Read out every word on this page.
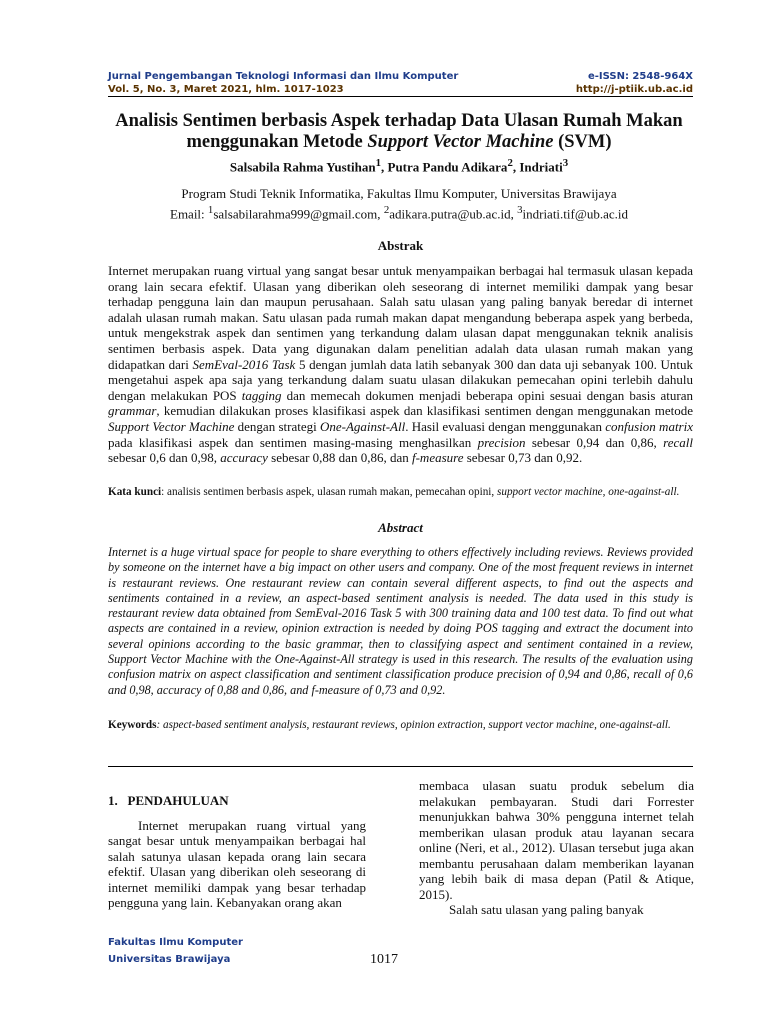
Jurnal Pengembangan Teknologi Informasi dan Ilmu Komputer
Vol. 5, No. 3, Maret 2021, hlm. 1017-1023
e-ISSN: 2548-964X
http://j-ptiik.ub.ac.id
Analisis Sentimen berbasis Aspek terhadap Data Ulasan Rumah Makan
menggunakan Metode Support Vector Machine (SVM)
Salsabila Rahma Yustihan$^1$, Putra Pandu Adikara$^2$, Indriati$^3$
Program Studi Teknik Informatika, Fakultas Ilmu Komputer, Universitas Brawijaya
Email: $^1$salsabilarahma999@gmail.com, $^2$adikara.putra@ub.ac.id, $^3$indriati.tif@ub.ac.id
Abstrak
Internet merupakan ruang virtual yang sangat besar untuk menyampaikan berbagai hal termasuk ulasan kepada orang lain secara efektif. Ulasan yang diberikan oleh seseorang di internet memiliki dampak yang besar terhadap pengguna lain dan maupun perusahaan. Salah satu ulasan yang paling banyak beredar di internet adalah ulasan rumah makan. Satu ulasan pada rumah makan dapat mengandung beberapa aspek yang berbeda, untuk mengekstrak aspek dan sentimen yang terkandung dalam ulasan dapat menggunakan teknik analisis sentimen berbasis aspek. Data yang digunakan dalam penelitian adalah data ulasan rumah makan yang didapatkan dari SemEval-2016 Task 5 dengan jumlah data latih sebanyak 300 dan data uji sebanyak 100. Untuk mengetahui aspek apa saja yang terkandung dalam suatu ulasan dilakukan pemecahan opini terlebih dahulu dengan melakukan POS tagging dan memecah dokumen menjadi beberapa opini sesuai dengan basis aturan grammar, kemudian dilakukan proses klasifikasi aspek dan klasifikasi sentimen dengan menggunakan metode Support Vector Machine dengan strategi One-Against-All. Hasil evaluasi dengan menggunakan confusion matrix pada klasifikasi aspek dan sentimen masing-masing menghasilkan precision sebesar 0,94 dan 0,86, recall sebesar 0,6 dan 0,98, accuracy sebesar 0,88 dan 0,86, dan f-measure sebesar 0,73 dan 0,92.
Kata kunci: analisis sentimen berbasis aspek, ulasan rumah makan, pemecahan opini, support vector machine, one-against-all.
Abstract
Internet is a huge virtual space for people to share everything to others effectively including reviews. Reviews provided by someone on the internet have a big impact on other users and company. One of the most frequent reviews in internet is restaurant reviews. One restaurant review can contain several different aspects, to find out the aspects and sentiments contained in a review, an aspect-based sentiment analysis is needed. The data used in this study is restaurant review data obtained from SemEval-2016 Task 5 with 300 training data and 100 test data. To find out what aspects are contained in a review, opinion extraction is needed by doing POS tagging and extract the document into several opinions according to the basic grammar, then to classifying aspect and sentiment contained in a review, Support Vector Machine with the One-Against-All strategy is used in this research. The results of the evaluation using confusion matrix on aspect classification and sentiment classification produce precision of 0,94 and 0,86, recall of 0,6 and 0,98, accuracy of 0,88 and 0,86, and f-measure of 0,73 and 0,92.
Keywords: aspect-based sentiment analysis, restaurant reviews, opinion extraction, support vector machine, one-against-all.
1.   PENDAHULUAN
Internet merupakan ruang virtual yang sangat besar untuk menyampaikan berbagai hal salah satunya ulasan kepada orang lain secara efektif. Ulasan yang diberikan oleh seseorang di internet memiliki dampak yang besar terhadap pengguna yang lain. Kebanyakan orang akan
membaca ulasan suatu produk sebelum dia melakukan pembayaran. Studi dari Forrester menunjukkan bahwa 30% pengguna internet telah memberikan ulasan produk atau layanan secara online (Neri, et al., 2012). Ulasan tersebut juga akan membantu perusahaan dalam memberikan layanan yang lebih baik di masa depan (Patil & Atique, 2015).
Salah satu ulasan yang paling banyak
Fakultas Ilmu Komputer
Universitas Brawijaya	1017
